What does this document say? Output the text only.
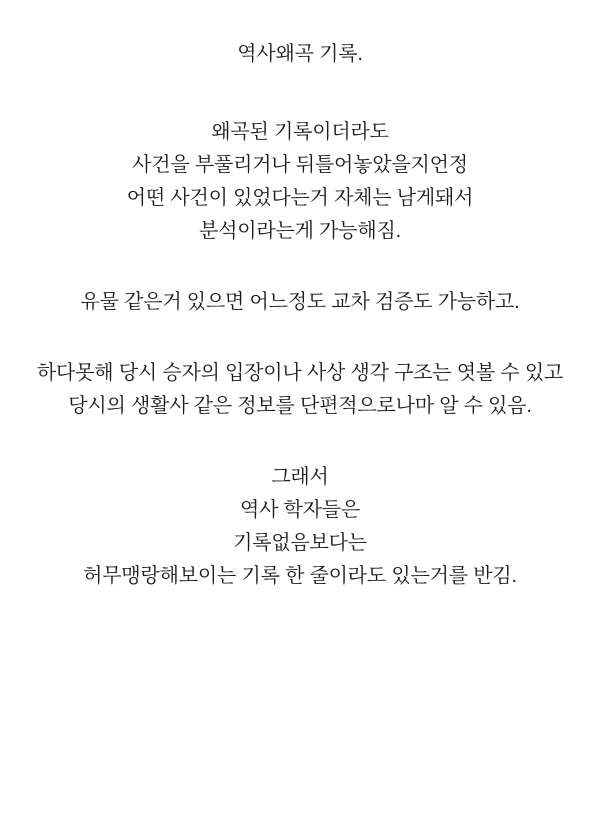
역사왜곡 기록.
왜곡된 기록이더라도
사건을 부풀리거나 뒤틀어놓았을지언정
어떤 사건이 있었다는거 자체는 남게돼서
분석이라는게 가능해짐.
유물 같은거 있으면 어느정도 교차 검증도 가능하고.
하다못해 당시 승자의 입장이나 사상 생각 구조는 엿볼 수 있고
당시의 생활사 같은 정보를 단편적으로나마 알 수 있음.
그래서
역사 학자들은
기록없음보다는
허무맹랑해보이는 기록 한 줄이라도 있는거를 반김.
